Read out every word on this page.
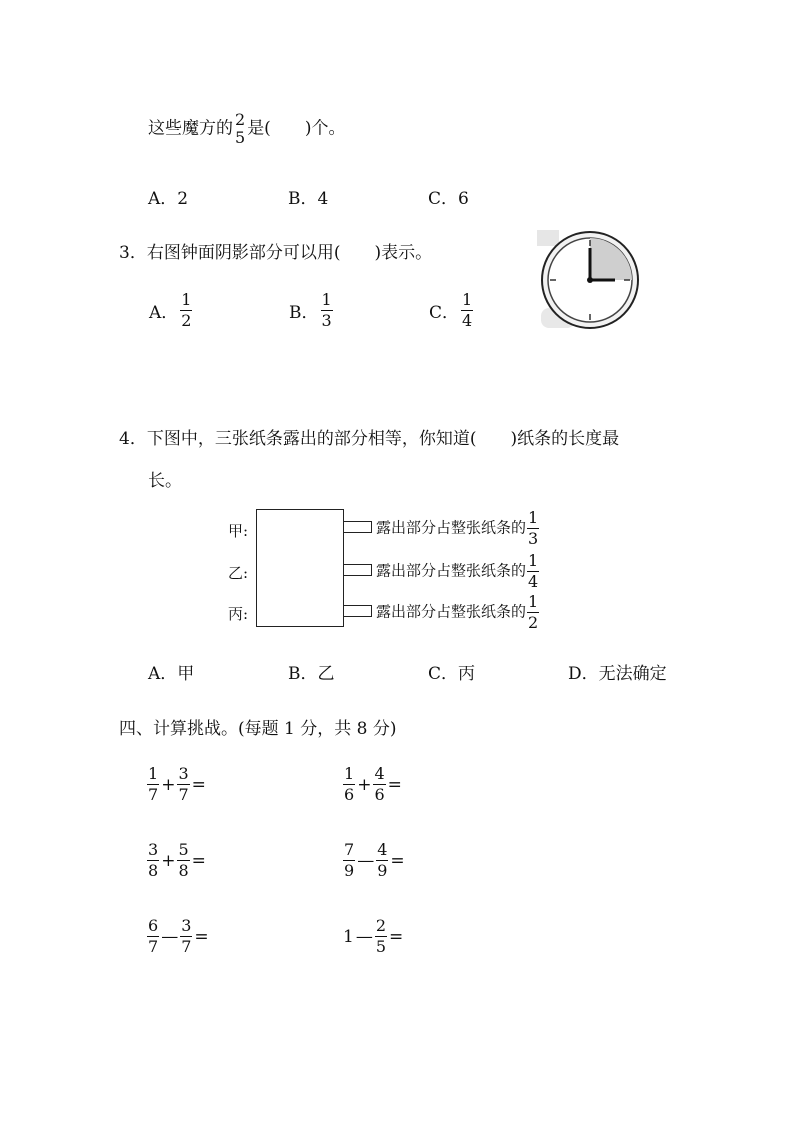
这些魔方的 2
5 是(　　)个。
A．2	B．4	C．6
3．右图钟面阴影部分可以用(　　)表示。
A． $\frac{1}{2}$	B． $\frac{1}{3}$	C． $\frac{1}{4}$
4．下图中，三张纸条露出的部分相等，你知道(　　)纸条的长度最
长。
甲:
乙:
丙:
露出部分占整张纸条的 $\frac{1}{3}$
露出部分占整张纸条的 $\frac{1}{4}$
露出部分占整张纸条的 $\frac{1}{2}$
A．甲	B．乙	C．丙	D．无法确定
四、计算挑战。(每题 1 分，共 8 分)
$\frac{1}{7} + \frac{3}{7}$ =	$\frac{1}{6} + \frac{4}{6}$ =
$\frac{3}{8} + \frac{5}{8}$ =	$\frac{7}{9}$ — $\frac{4}{9}$ =
$\frac{6}{7}$ — $\frac{3}{7}$ =	1 — $\frac{2}{5}$ =
